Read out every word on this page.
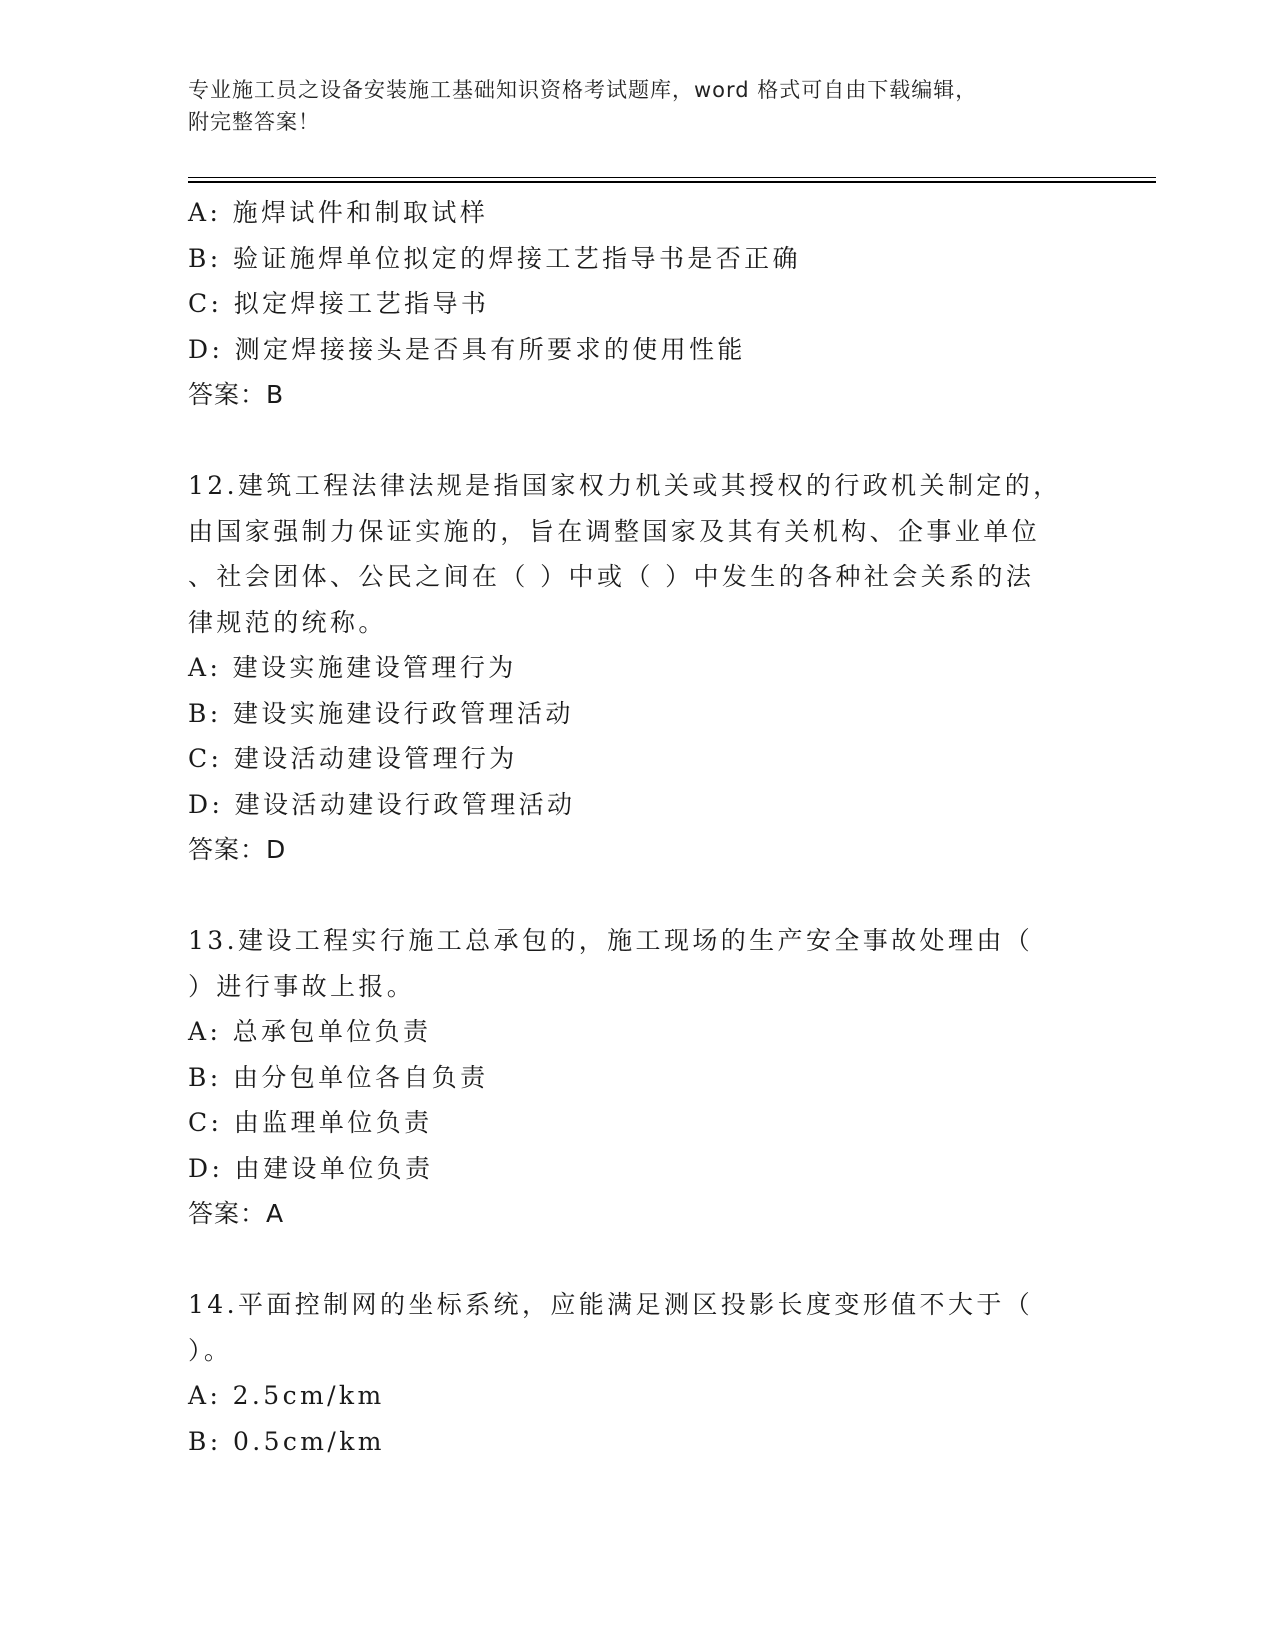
专业施工员之设备安装施工基础知识资格考试题库，word 格式可自由下载编辑，
附完整答案！
A: 施焊试件和制取试样
B: 验证施焊单位拟定的焊接工艺指导书是否正确
C: 拟定焊接工艺指导书
D: 测定焊接接头是否具有所要求的使用性能
答案：B
12.建筑工程法律法规是指国家权力机关或其授权的行政机关制定的，
由国家强制力保证实施的，旨在调整国家及其有关机构、企事业单位
、社会团体、公民之间在（ ）中或（ ）中发生的各种社会关系的法
律规范的统称。
A: 建设实施建设管理行为
B: 建设实施建设行政管理活动
C: 建设活动建设管理行为
D: 建设活动建设行政管理活动
答案：D
13.建设工程实行施工总承包的，施工现场的生产安全事故处理由（
）进行事故上报。
A: 总承包单位负责
B: 由分包单位各自负责
C: 由监理单位负责
D: 由建设单位负责
答案：A
14.平面控制网的坐标系统，应能满足测区投影长度变形值不大于（
）。
A: 2.5cm/km
B: 0.5cm/km
